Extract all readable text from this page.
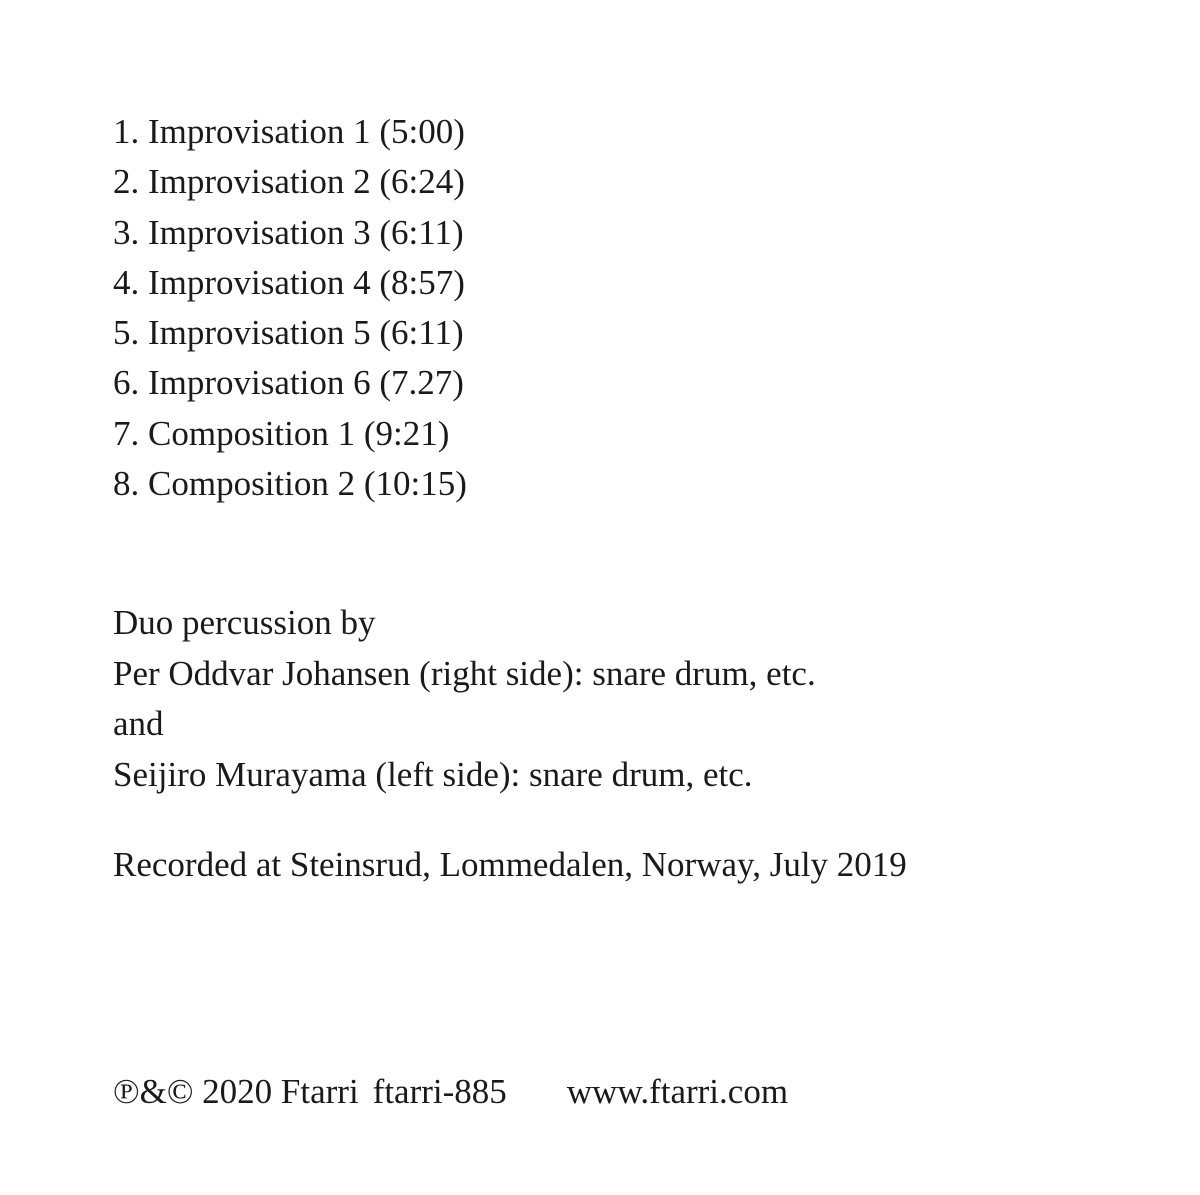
1. Improvisation 1 (5:00)
2. Improvisation 2 (6:24)
3. Improvisation 3 (6:11)
4. Improvisation 4 (8:57)
5. Improvisation 5 (6:11)
6. Improvisation 6 (7.27)
7. Composition 1 (9:21)
8. Composition 2 (10:15)
Duo percussion by
Per Oddvar Johansen (right side): snare drum, etc.
and
Seijiro Murayama (left side): snare drum, etc.
Recorded at Steinsrud, Lommedalen, Norway, July 2019
℗&© 2020 Ftarri ftarri-885 www.ftarri.com
